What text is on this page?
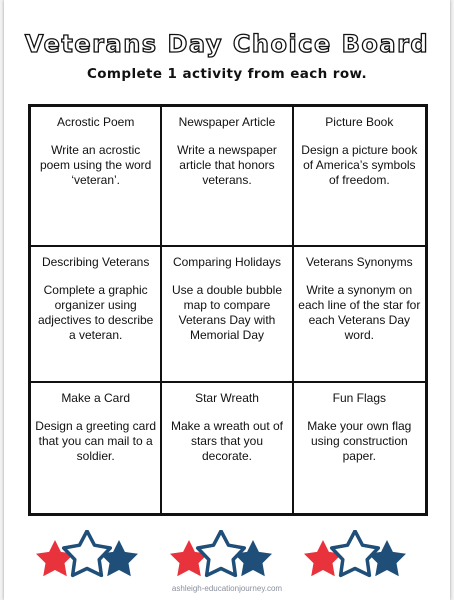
Veterans Day Choice Board
Complete 1 activity from each row.
Acrostic Poem
Write an acrostic poem using the word ‘veteran’.
Newspaper Article
Write a newspaper article that honors veterans.
Picture Book
Design a picture book of America’s symbols of freedom.
Describing Veterans
Complete a graphic organizer using adjectives to describe a veteran.
Comparing Holidays
Use a double bubble map to compare Veterans Day with Memorial Day
Veterans Synonyms
Write a synonym on each line of the star for each Veterans Day word.
Make a Card
Design a greeting card that you can mail to a soldier.
Star Wreath
Make a wreath out of stars that you decorate.
Fun Flags
Make your own flag using construction paper.
ashleigh-educationjourney.com
